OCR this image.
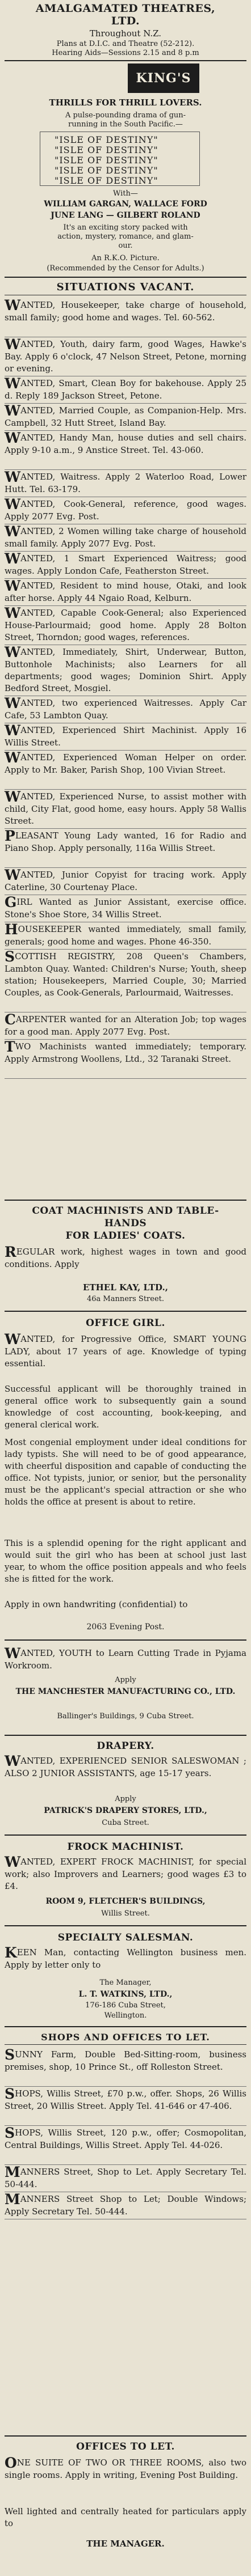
AMALGAMATED THEATRES,
LTD.
Throughout N.Z.
Plans at D.I.C. and Theatre (52-212).
Hearing Aids—Sessions 2.15 and 8 p.m
KING'S
THRILLS FOR THRILL LOVERS.
A pulse-pounding drama of gun-
running in the South Pacific.—
"ISLE OF DESTINY"
"ISLE OF DESTINY"
"ISLE OF DESTINY"
"ISLE OF DESTINY"
"ISLE OF DESTINY"
With—
WILLIAM GARGAN, WALLACE FORD
JUNE LANG — GILBERT ROLAND
It's an exciting story packed with
action, mystery, romance, and glam-
our.
An R.K.O. Picture.
(Recommended by the Censor for Adults.)
SITUATIONS VACANT.
WANTED, Housekeeper, take charge of household, small family; good home and wages. Tel. 60-562.
WANTED, Youth, dairy farm, good Wages, Hawke's Bay. Apply 6 o'clock, 47 Nelson Street, Petone, morning or evening.
WANTED, Smart, Clean Boy for bakehouse. Apply 25 d. Reply 189 Jackson Street, Petone.
WANTED, Married Couple, as Companion-Help. Mrs. Campbell, 32 Hutt Street, Island Bay.
WANTED, Handy Man, house duties and sell chairs. Apply 9-10 a.m., 9 Anstice Street. Tel. 43-060.
WANTED, Waitress. Apply 2 Waterloo Road, Lower Hutt. Tel. 63-179.
WANTED, Cook-General, reference, good wages. Apply 2077 Evg. Post.
WANTED, 2 Women willing take charge of household small family. Apply 2077 Evg. Post.
WANTED, 1 Smart Experienced Waitress; good wages. Apply London Cafe, Featherston Street.
WANTED, Resident to mind house, Otaki, and look after horse. Apply 44 Ngaio Road, Kelburn.
WANTED, Capable Cook-General; also Experienced House-Parlourmaid; good home. Apply 28 Bolton Street, Thorndon; good wages, references.
WANTED, Immediately, Shirt, Underwear, Button, Buttonhole Machinists; also Learners for all departments; good wages; Dominion Shirt. Apply Bedford Street, Mosgiel.
WANTED, two experienced Waitresses. Apply Car Cafe, 53 Lambton Quay.
WANTED, Experienced Shirt Machinist. Apply 16 Willis Street.
WANTED, Experienced Woman Helper on order. Apply to Mr. Baker, Parish Shop, 100 Vivian Street.
WANTED, Experienced Nurse, to assist mother with child, City Flat, good home, easy hours. Apply 58 Wallis Street.
PLEASANT Young Lady wanted, 16 for Radio and Piano Shop. Apply personally, 116a Willis Street.
WANTED, Junior Copyist for tracing work. Apply Caterline, 30 Courtenay Place.
GIRL Wanted as Junior Assistant, exercise office. Stone's Shoe Store, 34 Willis Street.
HOUSEKEEPER wanted immediately, small family, generals; good home and wages. Phone 46-350.
SCOTTISH REGISTRY, 208 Queen's Chambers, Lambton Quay. Wanted: Children's Nurse; Youth, sheep station; Housekeepers, Married Couple, 30; Married Couples, as Cook-Generals, Parlourmaid, Waitresses.
CARPENTER wanted for an Alteration Job; top wages for a good man. Apply 2077 Evg. Post.
TWO Machinists wanted immediately; temporary. Apply Armstrong Woollens, Ltd., 32 Taranaki Street.
COAT MACHINISTS AND TABLE-
HANDS
FOR LADIES' COATS.
REGULAR work, highest wages in town and good conditions. Apply
ETHEL KAY, LTD.,
46a Manners Street.
OFFICE GIRL.
WANTED, for Progressive Office, SMART YOUNG LADY, about 17 years of age. Knowledge of typing essential.
Successful applicant will be thoroughly trained in general office work to subsequently gain a sound knowledge of cost accounting, book-keeping, and general clerical work.
Most congenial employment under ideal conditions for lady typists. She will need to be of good appearance, with cheerful disposition and capable of conducting the office. Not typists, junior, or senior, but the personality must be the applicant's special attraction or she who holds the office at present is about to retire.
This is a splendid opening for the right applicant and would suit the girl who has been at school just last year, to whom the office position appeals and who feels she is fitted for the work.
Apply in own handwriting (confidential) to
2063 Evening Post.
WANTED, YOUTH to Learn Cutting Trade in Pyjama Workroom.
Apply
THE MANCHESTER MANUFACTURING CO., LTD.
Ballinger's Buildings, 9 Cuba Street.
DRAPERY.
WANTED, EXPERIENCED SENIOR SALESWOMAN ; ALSO 2 JUNIOR ASSISTANTS, age 15-17 years.
Apply
PATRICK'S DRAPERY STORES, LTD.,
Cuba Street.
FROCK MACHINIST.
WANTED, EXPERT FROCK MACHINIST, for special work; also Improvers and Learners; good wages £3 to £4.
ROOM 9, FLETCHER'S BUILDINGS,
Willis Street.
SPECIALTY SALESMAN.
KEEN Man, contacting Wellington business men. Apply by letter only to
The Manager,
L. T. WATKINS, LTD.,
176-186 Cuba Street,
Wellington.
SHOPS AND OFFICES TO LET.
SUNNY Farm, Double Bed-Sitting-room, business premises, shop, 10 Prince St., off Rolleston Street.
SHOPS, Willis Street, £70 p.w., offer. Shops, 26 Willis Street, 20 Willis Street. Apply Tel. 41-646 or 47-406.
SHOPS, Willis Street, 120 p.w., offer; Cosmopolitan, Central Buildings, Willis Street. Apply Tel. 44-026.
MANNERS Street, Shop to Let. Apply Secretary Tel. 50-444.
MANNERS Street Shop to Let; Double Windows; Apply Secretary Tel. 50-444.
OFFICES TO LET.
ONE SUITE OF TWO OR THREE ROOMS, also two single rooms. Apply in writing, Evening Post Building.
Well lighted and centrally heated for particulars apply to
THE MANAGER.
